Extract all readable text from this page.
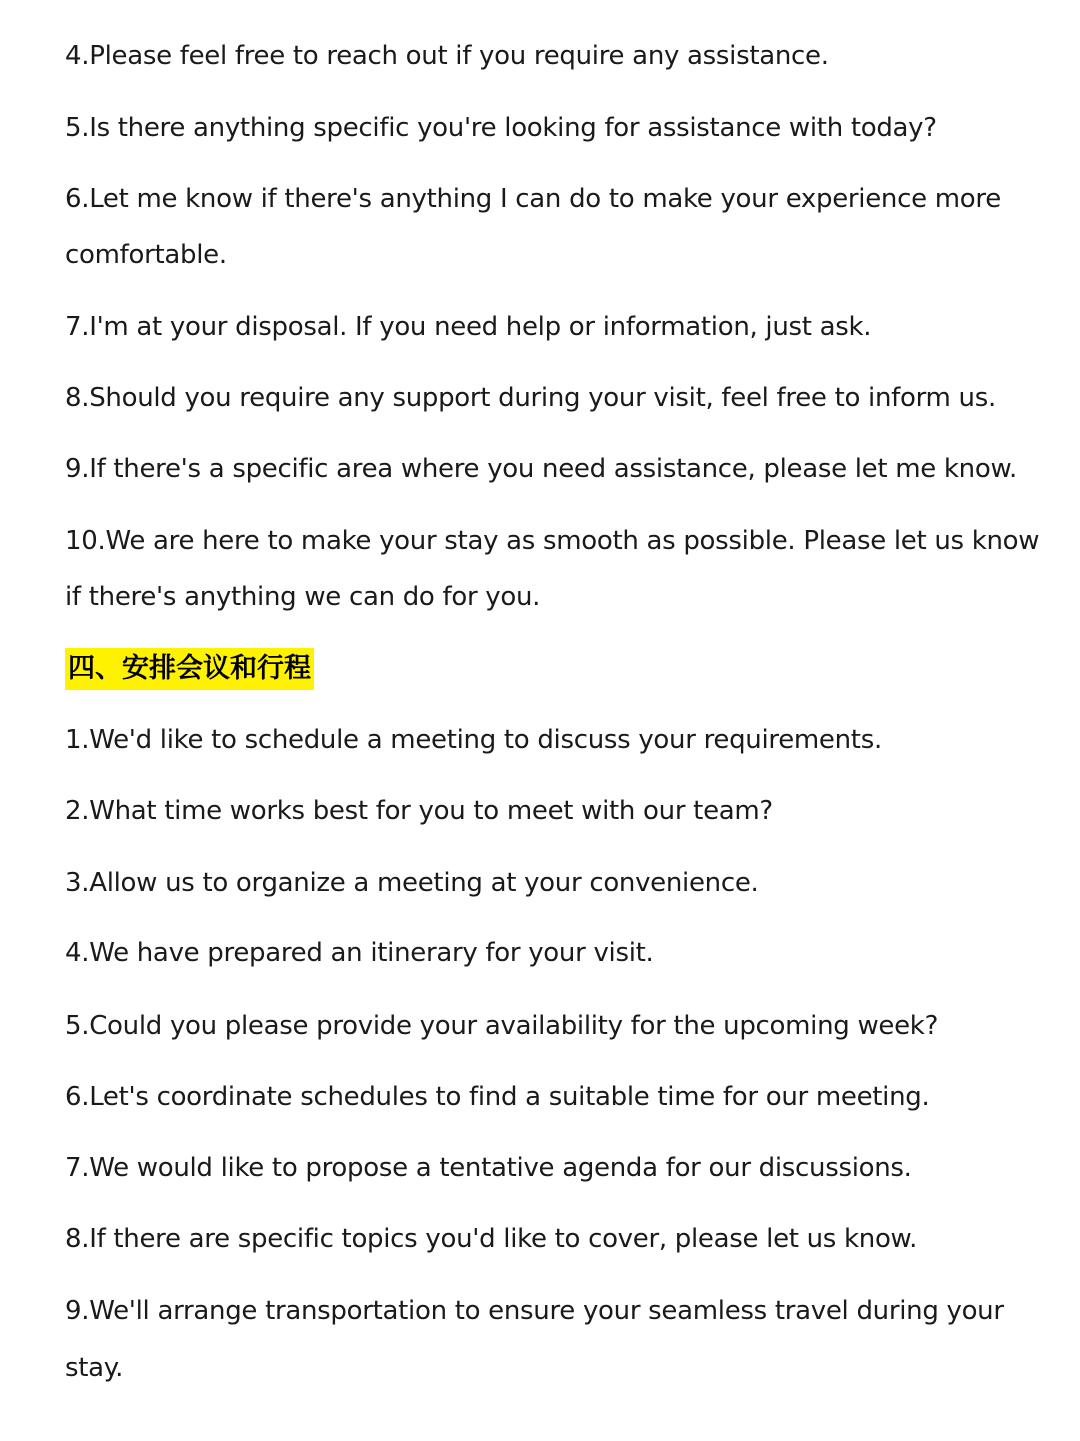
4.Please feel free to reach out if you require any assistance.

5.Is there anything specific you're looking for assistance with today?

6.Let me know if there's anything I can do to make your experience more

comfortable.

7.I'm at your disposal. If you need help or information, just ask.

8.Should you require any support during your visit, feel free to inform us.

9.If there's a specific area where you need assistance, please let me know.

10.We are here to make your stay as smooth as possible. Please let us know

if there's anything we can do for you.

四、安排会议和行程

1.We'd like to schedule a meeting to discuss your requirements.

2.What time works best for you to meet with our team?

3.Allow us to organize a meeting at your convenience.

4.We have prepared an itinerary for your visit.

5.Could you please provide your availability for the upcoming week?

6.Let's coordinate schedules to find a suitable time for our meeting.

7.We would like to propose a tentative agenda for our discussions.

8.If there are specific topics you'd like to cover, please let us know.

9.We'll arrange transportation to ensure your seamless travel during your

stay.
